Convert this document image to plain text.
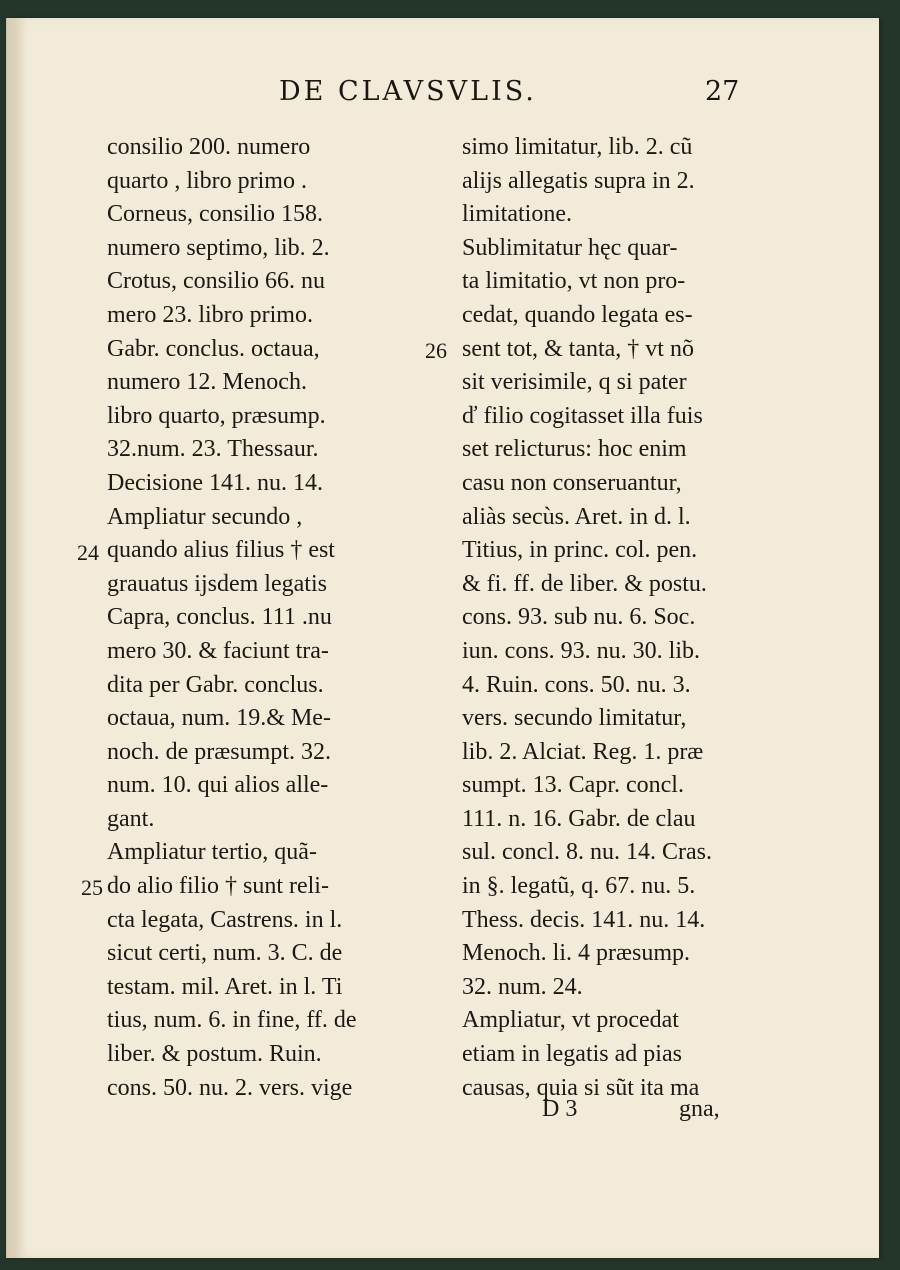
DE CLAVSVLIS.	27
consilio 200. numero
quarto , libro primo .
Corneus, consilio 158.
numero septimo, lib. 2.
Crotus, consilio 66. nu
mero 23. libro primo.
Gabr. conclus. octaua,
numero 12. Menoch.
libro quarto, præsump.
32.num. 23. Thessaur.
Decisione 141. nu. 14.
Ampliatur secundo ,
quando alius filius † est
grauatus ijsdem legatis
Capra, conclus. 111 .nu
mero 30. & faciunt tra-
dita per Gabr. conclus.
octaua, num. 19.& Me-
noch. de præsumpt. 32.
num. 10. qui alios alle-
gant.
Ampliatur tertio, quã-
do alio filio † sunt reli-
cta legata, Castrens. in l.
sicut certi, num. 3. C. de
testam. mil. Aret. in l. Ti
tius, num. 6. in fine, ff. de
liber. & postum. Ruin.
cons. 50. nu. 2. vers. vige
simo limitatur, lib. 2. cũ
alijs allegatis supra in 2.
limitatione.
Sublimitatur hęc quar-
ta limitatio, vt non pro-
cedat, quando legata es-
sent tot, & tanta, † vt nõ
sit verisimile, q si pater
ď filio cogitasset illa fuis
set relicturus: hoc enim
casu non conseruantur,
aliàs secùs. Aret. in d. l.
Titius, in princ. col. pen.
& fi. ff. de liber. & postu.
cons. 93. sub nu. 6. Soc.
iun. cons. 93. nu. 30. lib.
4. Ruin. cons. 50. nu. 3.
vers. secundo limitatur,
lib. 2. Alciat. Reg. 1. præ
sumpt. 13. Capr. concl.
111. n. 16. Gabr. de clau
sul. concl. 8. nu. 14. Cras.
in §. legatũ, q. 67. nu. 5.
Thess. decis. 141. nu. 14.
Menoch. li. 4 præsump.
32. num. 24.
Ampliatur, vt procedat
etiam in legatis ad pias
causas, quia si sũt ita ma
24
25
26
D 3	gna,
